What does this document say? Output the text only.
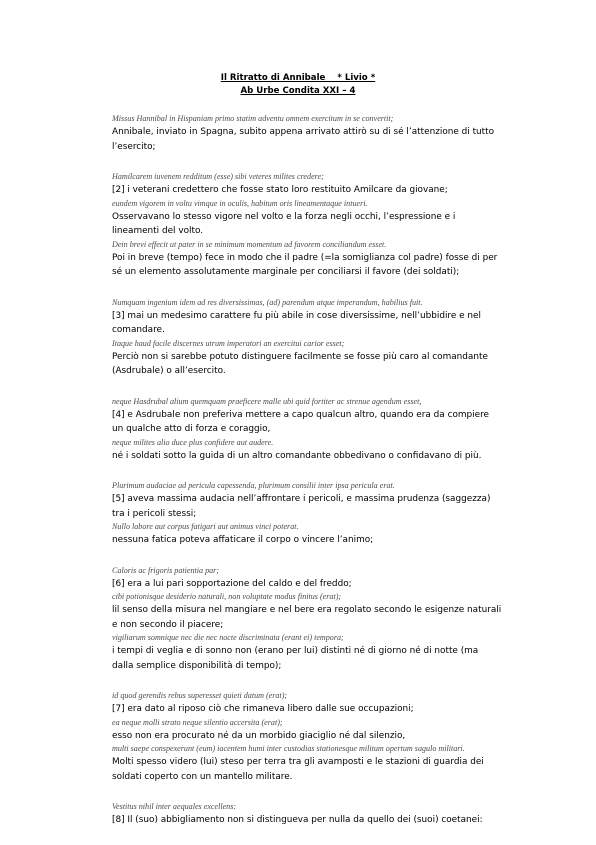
Il Ritratto di Annibale    * Livio *
Ab Urbe Condita XXI – 4
Missus Hannibal in Hispaniam primo statim adventu omnem exercitum in se convertit;
Annibale, inviato in Spagna, subito appena arrivato attirò su di sé l’attenzione di tutto l’esercito;
Hamilcarem iuvenem redditum (esse) sibi veteres milites credere;
[2] i veterani credettero che fosse stato loro restituito Amilcare da giovane;
eundem vigorem in voltu vimque in oculis, habitum oris lineamentaque intueri.
Osservavano lo stesso vigore nel volto e la forza negli occhi, l’espressione e i lineamenti del volto.
Dein brevi effecit ut pater in se minimum momentum ad favorem conciliandum esset.
Poi in breve (tempo) fece in modo che il padre (=la somiglianza col padre) fosse di per sé un elemento assolutamente marginale per conciliarsi il favore (dei soldati);
Numquam ingenium idem ad res diversissimas, (ad) parendum atque imperandum, habilius fuit.
[3] mai un medesimo carattere fu più abile in cose diversissime, nell’ubbidire e nel comandare.
Itaque haud facile discernes utrum imperatori an exercitui carior esset;
Perciò non si sarebbe potuto distinguere facilmente se fosse più caro al comandante (Asdrubale) o all’esercito.
neque Hasdrubal alium quemquam praeficere malle ubi quid fortiter ac strenue agendum esset,
[4] e Asdrubale non preferiva mettere a capo qualcun altro, quando era da compiere un qualche atto di forza e coraggio,
neque milites alio duce plus confidere aut audere.
né i soldati sotto la guida di un altro comandante obbedivano o confidavano di più.
Plurimum audaciae ad pericula capessenda, plurimum consilii inter ipsa pericula erat.
[5] aveva massima audacia nell’affrontare i pericoli, e massima prudenza (saggezza) tra i pericoli stessi;
Nullo labore aut corpus fatigari aut animus vinci poterat.
nessuna fatica poteva affaticare il corpo o vincere l’animo;
Caloris ac frigoris patientia par;
[6] era a lui pari sopportazione del caldo e del freddo;
cibi potionisque desiderio naturali, non voluptate modus finitus (erat);
lil senso della misura nel mangiare e nel bere era regolato secondo le esigenze naturali e non secondo il piacere;
vigiliarum somnique nec die nec nocte discriminata (erant ei) tempora;
i tempi di veglia e di sonno non (erano per lui) distinti né di giorno né di notte (ma dalla semplice disponibilità di tempo);
id quod gerendis rebus superesset quieti datum (erat);
[7] era dato al riposo ciò che rimaneva libero dalle sue occupazioni;
ea neque molli strato neque silentio accersita (erat);
esso non era procurato né da un morbido giaciglio né dal silenzio,
multi saepe conspexerunt (eum) iacentem humi inter custodias stationesque militum opertum sagulo militari.
Molti spesso videro (lui) steso per terra tra gli avamposti e le stazioni di guardia dei soldati coperto con un mantello militare.
Vestitus nihil inter aequales excellens:
[8] Il (suo) abbigliamento non si distingueva per nulla da quello dei (suoi) coetanei:
